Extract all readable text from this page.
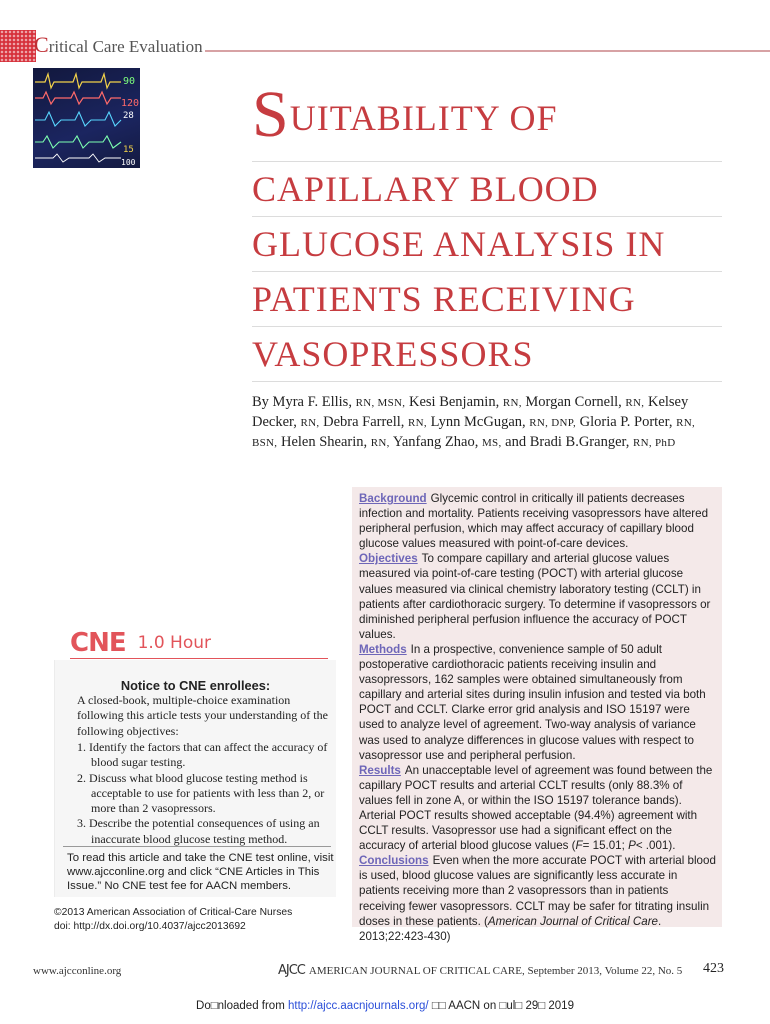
Critical Care Evaluation
90
120
28
15
100
SUITABILITY OF
CAPILLARY BLOOD
GLUCOSE ANALYSIS IN
PATIENTS RECEIVING
VASOPRESSORS
By Myra F. Ellis, RN, MSN, Kesi Benjamin, RN, Morgan Cornell, RN, Kelsey
Decker, RN, Debra Farrell, RN, Lynn McGugan, RN, DNP, Gloria P. Porter, RN,
BSN, Helen Shearin, RN, Yanfang Zhao, MS, and Bradi B.Granger, RN, PhD

Background Glycemic control in critically ill patients decreases infection and mortality. Patients receiving vasopressors have altered peripheral perfusion, which may affect accuracy of capillary blood glucose values measured with point-of-care devices.

Objectives To compare capillary and arterial glucose values measured via point-of-care testing (POCT) with arterial glucose values measured via clinical chemistry laboratory testing (CCLT) in patients after cardiothoracic surgery. To determine if vasopressors or diminished peripheral perfusion influence the accuracy of POCT values.

Methods In a prospective, convenience sample of 50 adult postoperative cardiothoracic patients receiving insulin and vasopressors, 162 samples were obtained simultaneously from capillary and arterial sites during insulin infusion and tested via both POCT and CCLT. Clarke error grid analysis and ISO 15197 were used to analyze level of agreement. Two-way analysis of variance was used to analyze differences in glucose values with respect to vasopressor use and peripheral perfusion.

Results An unacceptable level of agreement was found between the capillary POCT results and arterial CCLT results (only 88.3% of values fell in zone A, or within the ISO 15197 tolerance bands). Arterial POCT results showed acceptable (94.4%) agreement with CCLT results. Vasopressor use had a significant effect on the accuracy of arterial blood glucose values (F= 15.01; P< .001).

Conclusions Even when the more accurate POCT with arterial blood is used, blood glucose values are significantly less accurate in patients receiving more than 2 vasopressors than in patients receiving fewer vasopressors. CCLT may be safer for titrating insulin doses in these patients. (American Journal of Critical Care. 2013;22:423-430)

CNE 1.0 Hour
Notice to CNE enrollees:
A closed-book, multiple-choice examination following this article tests your understanding of the following objectives:
1. Identify the factors that can affect the accuracy of blood sugar testing.
2. Discuss what blood glucose testing method is acceptable to use for patients with less than 2, or more than 2 vasopressors.
3. Describe the potential consequences of using an inaccurate blood glucose testing method.
To read this article and take the CNE test online, visit www.ajcconline.org and click “CNE Articles in This Issue.” No CNE test fee for AACN members.
©2013 American Association of Critical-Care Nurses
doi: http://dx.doi.org/10.4037/ajcc2013692
www.ajcconline.org	AJCC AMERICAN JOURNAL OF CRITICAL CARE, September 2013, Volume 22, No. 5 423
Do□nloaded from http://ajcc.aacnjournals.org/ □□ AACN on □ul□ 29□ 2019
